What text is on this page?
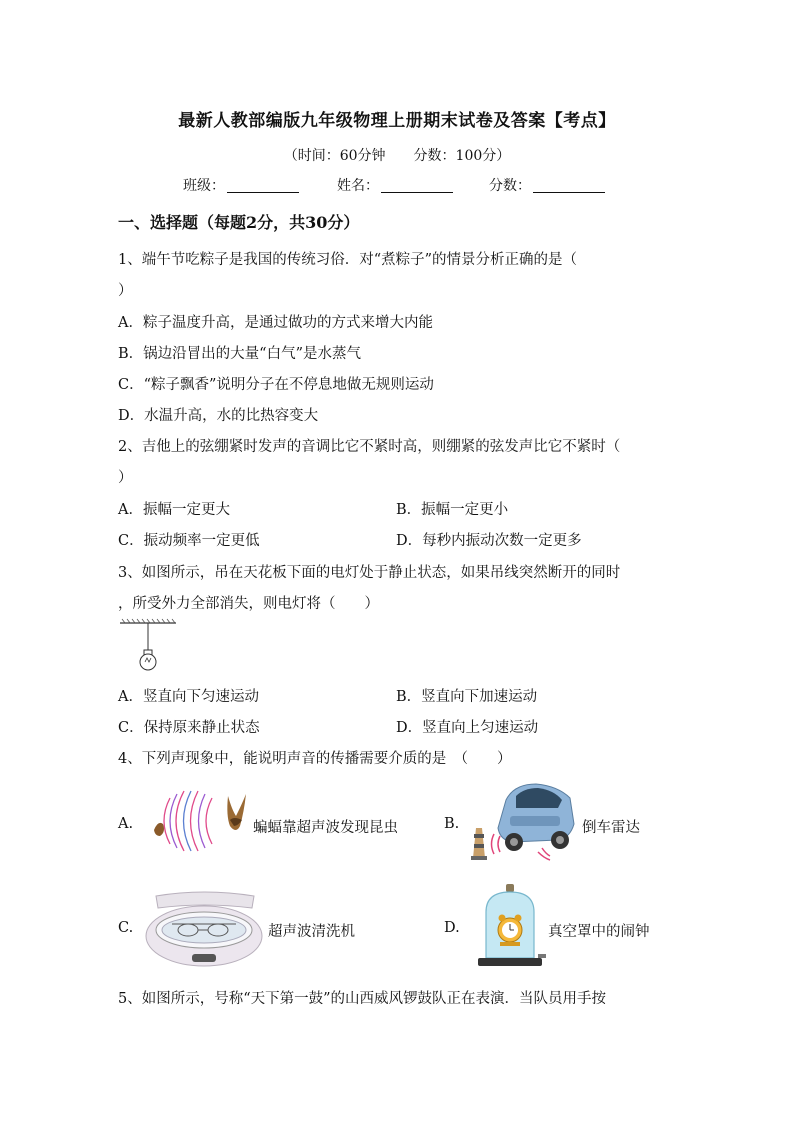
最新人教部编版九年级物理上册期末试卷及答案【考点】
（时间：60分钟　　分数：100分）
班级：	姓名：	分数：
一、选择题（每题2分，共30分）
1、端午节吃粽子是我国的传统习俗．对“煮粽子”的情景分析正确的是（
）
A．粽子温度升高，是通过做功的方式来增大内能
B．锅边沿冒出的大量“白气”是水蒸气
C．“粽子飘香”说明分子在不停息地做无规则运动
D．水温升高，水的比热容变大
2、吉他上的弦绷紧时发声的音调比它不紧时高，则绷紧的弦发声比它不紧时（
）
A．振幅一定更大	B．振幅一定更小
C．振动频率一定更低	D．每秒内振动次数一定更多
3、如图所示，吊在天花板下面的电灯处于静止状态，如果吊线突然断开的同时
，所受外力全部消失，则电灯将（　　）
A．竖直向下匀速运动	B．竖直向下加速运动
C．保持原来静止状态	D．竖直向上匀速运动
4、下列声现象中，能说明声音的传播需要介质的是　（　　）
A.	蝙蝠靠超声波发现昆虫	B.	倒车雷达
C.	超声波清洗机	D.	真空罩中的闹钟
5、如图所示，号称“天下第一鼓”的山西威风锣鼓队正在表演．当队员用手按
